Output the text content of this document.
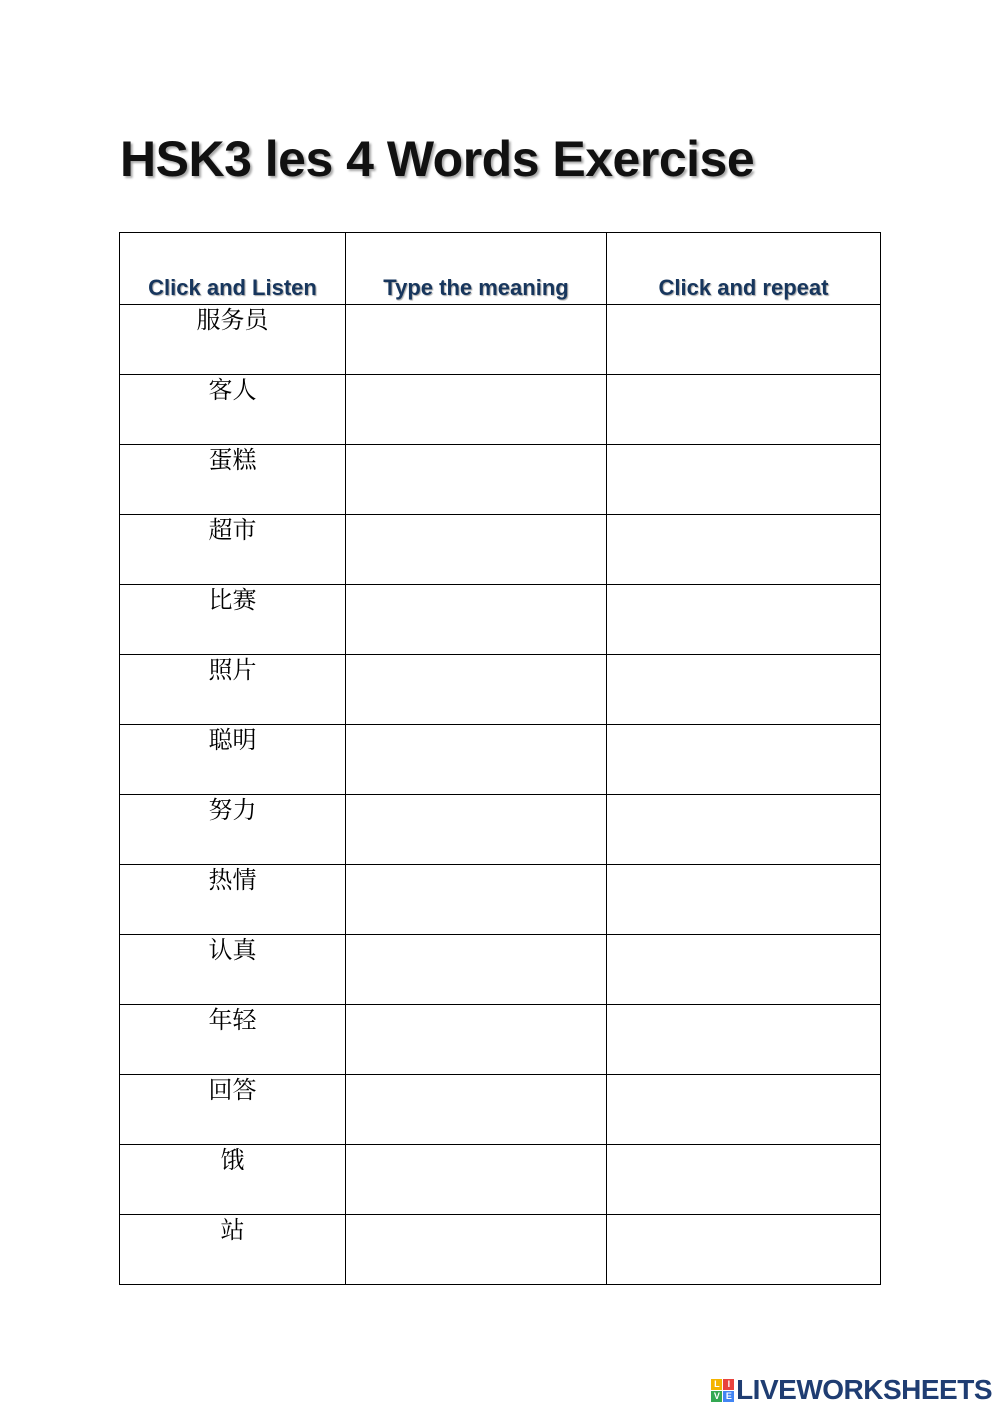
HSK3 les 4 Words Exercise
Click and Listen	Type the meaning	Click and repeat
服务员		
客人		
蛋糕		
超市		
比赛		
照片		
聪明		
努力		
热情		
认真		
年轻		
回答		
饿		
站		
L I
V E LIVEWORKSHEETS
